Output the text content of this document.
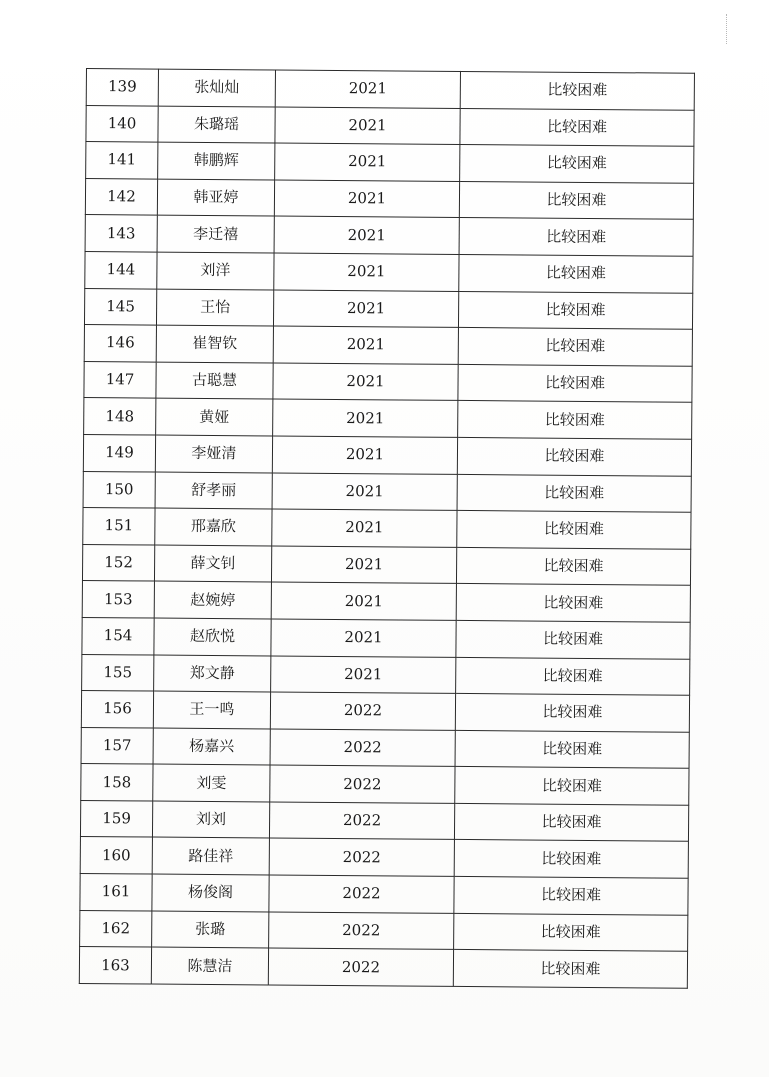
139	张灿灿	2021	比较困难
140	朱璐瑶	2021	比较困难
141	韩鹏辉	2021	比较困难
142	韩亚婷	2021	比较困难
143	李迁禧	2021	比较困难
144	刘洋	2021	比较困难
145	王怡	2021	比较困难
146	崔智钦	2021	比较困难
147	古聪慧	2021	比较困难
148	黄娅	2021	比较困难
149	李娅清	2021	比较困难
150	舒孝丽	2021	比较困难
151	邢嘉欣	2021	比较困难
152	薛文钊	2021	比较困难
153	赵婉婷	2021	比较困难
154	赵欣悦	2021	比较困难
155	郑文静	2021	比较困难
156	王一鸣	2022	比较困难
157	杨嘉兴	2022	比较困难
158	刘雯	2022	比较困难
159	刘刘	2022	比较困难
160	路佳祥	2022	比较困难
161	杨俊阁	2022	比较困难
162	张璐	2022	比较困难
163	陈慧洁	2022	比较困难
